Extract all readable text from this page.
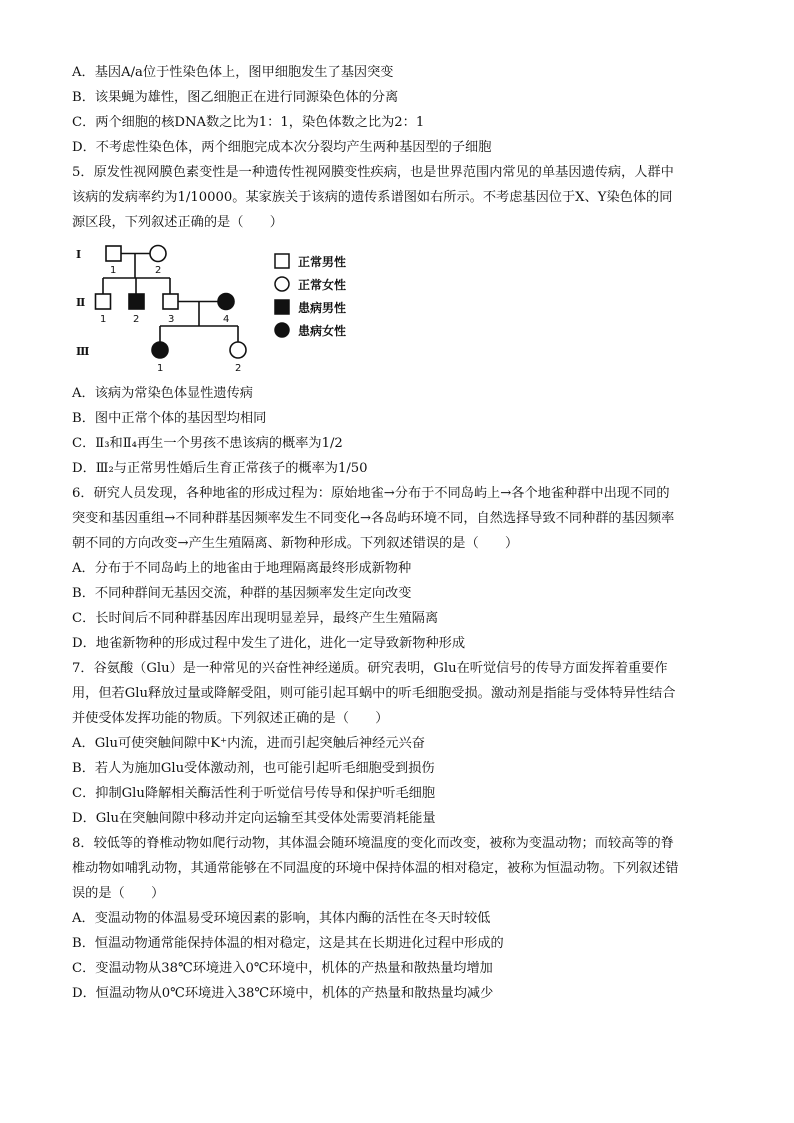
A．基因A/a位于性染色体上，图甲细胞发生了基因突变
B．该果蝇为雄性，图乙细胞正在进行同源染色体的分离
C．两个细胞的核DNA数之比为1：1，染色体数之比为2：1
D．不考虑性染色体，两个细胞完成本次分裂均产生两种基因型的子细胞
5．原发性视网膜色素变性是一种遗传性视网膜变性疾病，也是世界范围内常见的单基因遗传病，人群中
该病的发病率约为1/10000。某家族关于该病的遗传系谱图如右所示。不考虑基因位于X、Y染色体的同
源区段，下列叙述正确的是（　　）
Ⅰ
Ⅱ
Ⅲ
1	2
1	2	3	4
1	2
正常男性
正常女性
患病男性
患病女性
A．该病为常染色体显性遗传病
B．图中正常个体的基因型均相同
C．Ⅱ₃和Ⅱ₄再生一个男孩不患该病的概率为1/2
D．Ⅲ₂与正常男性婚后生育正常孩子的概率为1/50
6．研究人员发现，各种地雀的形成过程为：原始地雀→分布于不同岛屿上→各个地雀种群中出现不同的
突变和基因重组→不同种群基因频率发生不同变化→各岛屿环境不同，自然选择导致不同种群的基因频率
朝不同的方向改变→产生生殖隔离、新物种形成。下列叙述错误的是（　　）
A．分布于不同岛屿上的地雀由于地理隔离最终形成新物种
B．不同种群间无基因交流，种群的基因频率发生定向改变
C．长时间后不同种群基因库出现明显差异，最终产生生殖隔离
D．地雀新物种的形成过程中发生了进化，进化一定导致新物种形成
7．谷氨酸（Glu）是一种常见的兴奋性神经递质。研究表明，Glu在听觉信号的传导方面发挥着重要作
用，但若Glu释放过量或降解受阻，则可能引起耳蜗中的听毛细胞受损。激动剂是指能与受体特异性结合
并使受体发挥功能的物质。下列叙述正确的是（　　）
A．Glu可使突触间隙中K⁺内流，进而引起突触后神经元兴奋
B．若人为施加Glu受体激动剂，也可能引起听毛细胞受到损伤
C．抑制Glu降解相关酶活性利于听觉信号传导和保护听毛细胞
D．Glu在突触间隙中移动并定向运输至其受体处需要消耗能量
8．较低等的脊椎动物如爬行动物，其体温会随环境温度的变化而改变，被称为变温动物；而较高等的脊
椎动物如哺乳动物，其通常能够在不同温度的环境中保持体温的相对稳定，被称为恒温动物。下列叙述错
误的是（　　）
A．变温动物的体温易受环境因素的影响，其体内酶的活性在冬天时较低
B．恒温动物通常能保持体温的相对稳定，这是其在长期进化过程中形成的
C．变温动物从38℃环境进入0℃环境中，机体的产热量和散热量均增加
D．恒温动物从0℃环境进入38℃环境中，机体的产热量和散热量均减少
